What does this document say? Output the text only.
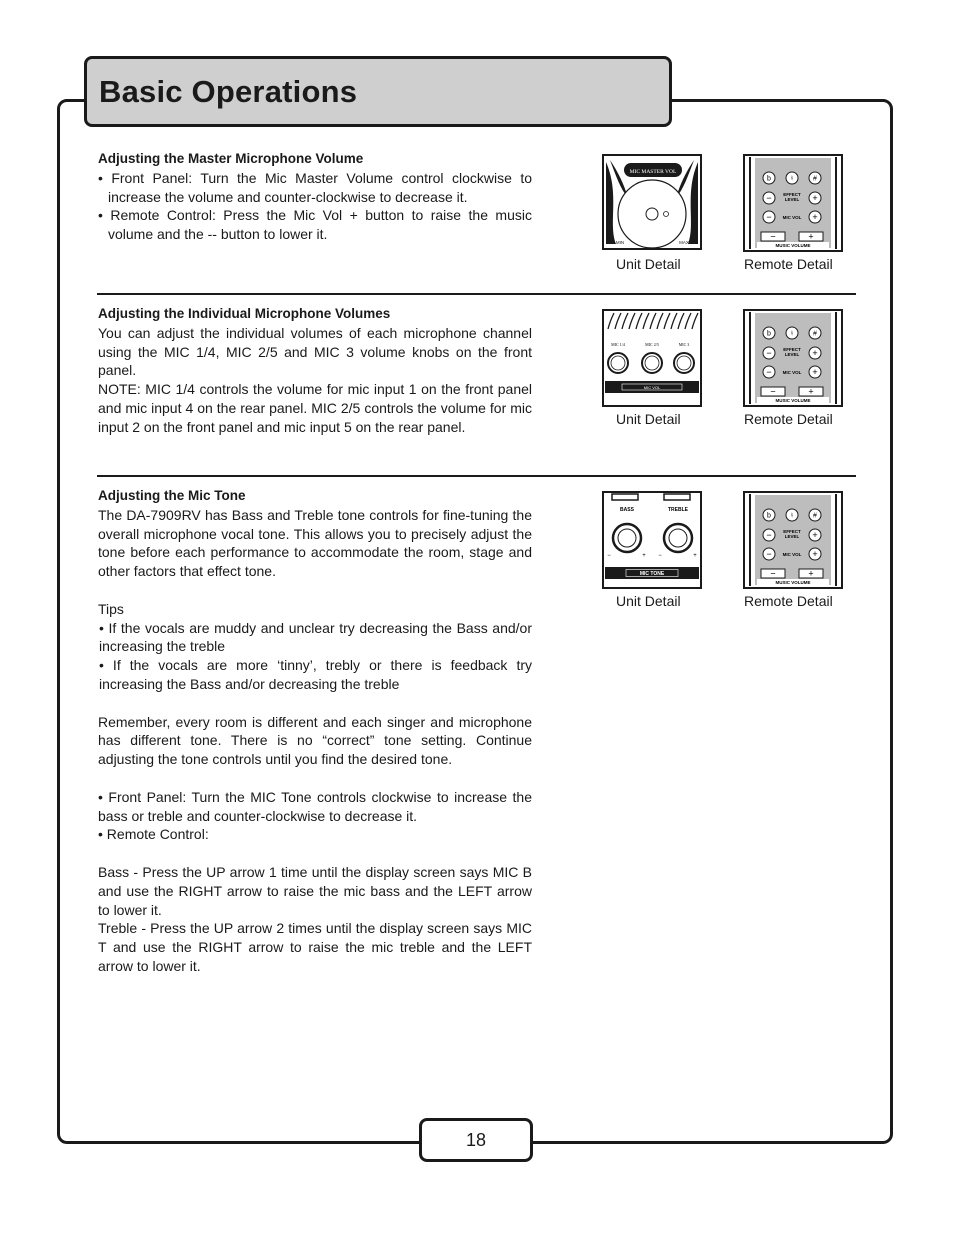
Basic Operations

Adjusting the Master Microphone Volume

• Front Panel: Turn the Mic Master Volume control clockwise to increase the volume and counter-clockwise to decrease it.

• Remote Control: Press the Mic Vol + button to raise the music volume and the -- button to lower it.

MIC MASTER VOL
MIN	MAX
b	♮	#
−	EFFECT
LEVEL +
− MIC VOL +
−	+
MUSIC VOLUME
Unit Detail	Remote Detail

Adjusting the Individual Microphone Volumes

You can adjust the individual volumes of each microphone channel using the MIC 1/4, MIC 2/5 and MIC 3 volume knobs on the front panel.

NOTE: MIC 1/4 controls the volume for mic input 1 on the front panel and mic input 4 on the rear panel. MIC 2/5 controls the volume for mic input 2 on the front panel and mic input 5 on the rear panel.

MIC 1/4	MIC 2/5	MIC 3
MIC VOL
b	♮	#
−	EFFECT
LEVEL +
− MIC VOL +
−	+
MUSIC VOLUME
Unit Detail	Remote Detail

Adjusting the Mic Tone

The DA-7909RV has Bass and Treble tone controls for fine-tuning the overall microphone vocal tone. This allows you to precisely adjust the tone before each performance to accommodate the room, stage and other factors that effect tone.

Tips

• If the vocals are muddy and unclear try decreasing the Bass and/or increasing the treble

• If the vocals are more ‘tinny’, trebly or there is feedback try increasing the Bass and/or decreasing the treble

Remember, every room is different and each singer and microphone has different tone. There is no “correct” tone setting. Continue adjusting the tone controls until you find the desired tone.

• Front Panel: Turn the MIC Tone controls clockwise to increase the bass or treble and counter-clockwise to decrease it.

• Remote Control:

Bass - Press the UP arrow 1 time until the display screen says MIC B and use the RIGHT arrow to raise the mic bass and the LEFT arrow to lower it.

Treble - Press the UP arrow 2 times until the display screen says MIC T and use the RIGHT arrow to raise the mic treble and the LEFT arrow to lower it.

BASS	TREBLE
−	+ −	+
MIC TONE
b	♮	#
−	EFFECT
LEVEL +
− MIC VOL +
−	+
MUSIC VOLUME
Unit Detail	Remote Detail
18
